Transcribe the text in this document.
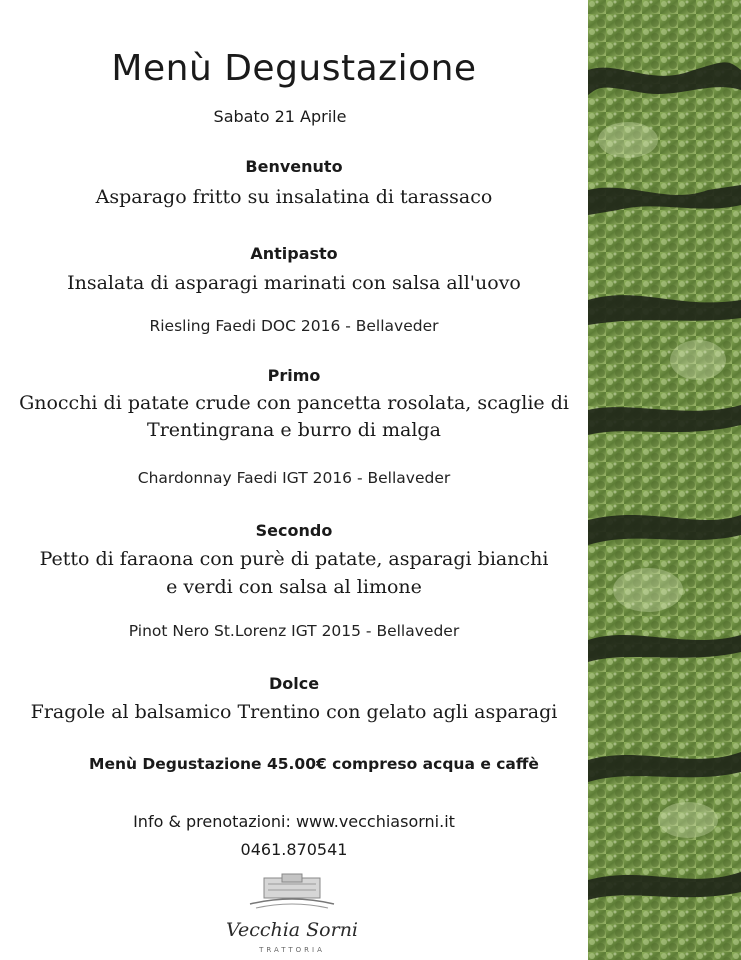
Menù Degustazione
Sabato 21 Aprile
Benvenuto
Asparago fritto su insalatina di tarassaco
Antipasto
Insalata di asparagi marinati con salsa all'uovo
Riesling Faedi DOC 2016 - Bellaveder
Primo
Gnocchi di patate crude con pancetta rosolata, scaglie di
Trentingrana e burro di malga
Chardonnay Faedi IGT 2016 - Bellaveder
Secondo
Petto di faraona con purè di patate, asparagi bianchi
e verdi con salsa al limone
Pinot Nero St.Lorenz IGT 2015 - Bellaveder
Dolce
Fragole al balsamico Trentino con gelato agli asparagi
Menù Degustazione 45.00€ compreso acqua e caffè
Info & prenotazioni: www.vecchiasorni.it
0461.870541
Vecchia Sorni
TRATTORIA
